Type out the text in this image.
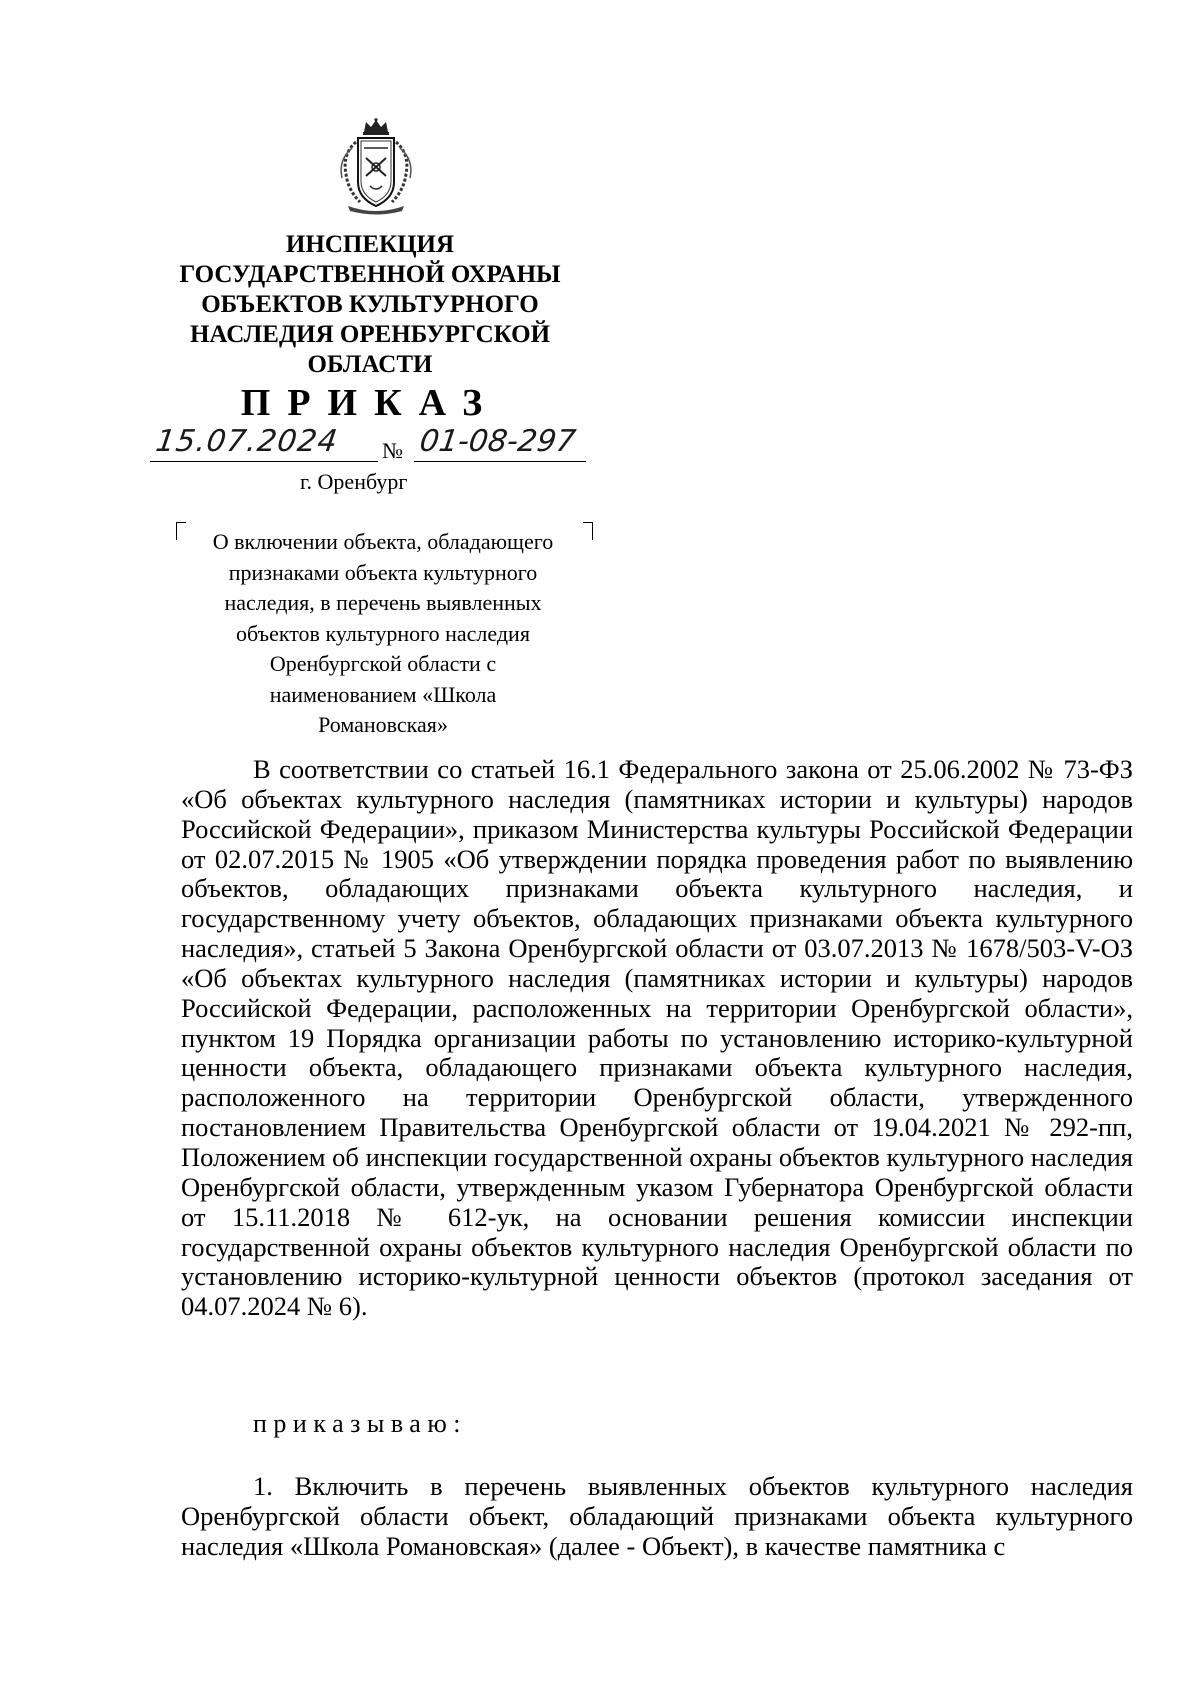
ИНСПЕКЦИЯ
ГОСУДАРСТВЕННОЙ ОХРАНЫ
ОБЪЕКТОВ КУЛЬТУРНОГО
НАСЛЕДИЯ ОРЕНБУРГСКОЙ
ОБЛАСТИ
ПРИКАЗ
15.07.2024 № 01-08-297
г. Оренбург
О включении объекта, обладающего
признаками объекта культурного
наследия, в перечень выявленных
объектов культурного наследия
Оренбургской области с
наименованием «Школа
Романовская»

В соответствии со статьей 16.1 Федерального закона от 25.06.2002 № 73-ФЗ «Об объектах культурного наследия (памятниках истории и культуры) народов Российской Федерации», приказом Министерства культуры Российской Федерации от 02.07.2015 № 1905 «Об утверждении порядка проведения работ по выявлению объектов, обладающих признаками объекта культурного наследия, и государственному учету объектов, обладающих признаками объекта культурного наследия», статьей 5 Закона Оренбургской области от 03.07.2013 № 1678/503-V-ОЗ «Об объектах культурного наследия (памятниках истории и культуры) народов Российской Федерации, расположенных на территории Оренбургской области», пунктом 19 Порядка организации работы по установлению историко-культурной ценности объекта, обладающего признаками объекта культурного наследия, расположенного на территории Оренбургской области, утвержденного постановлением Правительства Оренбургской области от 19.04.2021 № 292-пп, Положением об инспекции государственной охраны объектов культурного наследия Оренбургской области, утвержденным указом Губернатора Оренбургской области от 15.11.2018 № 612-ук, на основании решения комиссии инспекции государственной охраны объектов культурного наследия Оренбургской области по установлению историко-культурной ценности объектов (протокол заседания от 04.07.2024 № 6).

приказываю:

1. Включить в перечень выявленных объектов культурного наследия Оренбургской области объект, обладающий признаками объекта культурного наследия «Школа Романовская» (далее - Объект), в качестве памятника с
